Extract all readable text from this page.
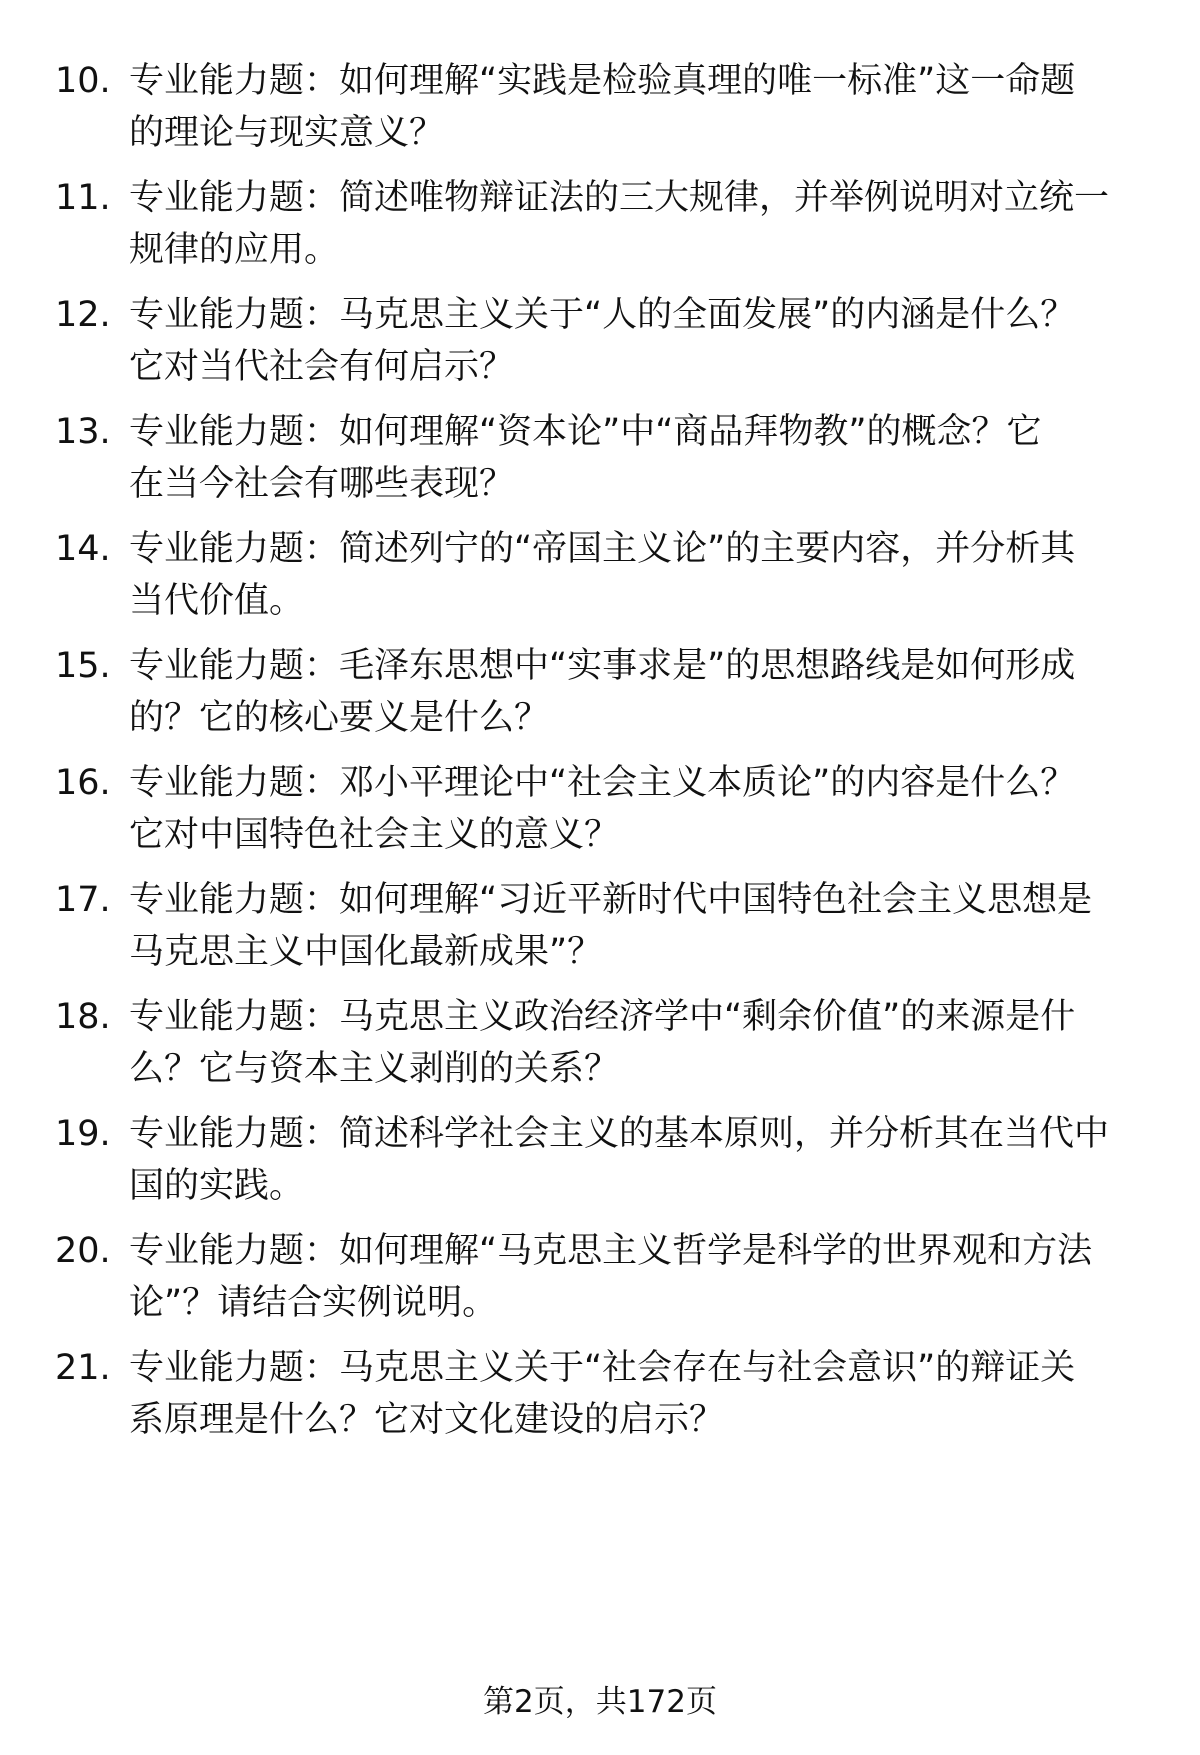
10. 专业能力题：如何理解“实践是检验真理的唯一标准”这一命题
的理论与现实意义？
11. 专业能力题：简述唯物辩证法的三大规律，并举例说明对立统一
规律的应用。
12. 专业能力题：马克思主义关于“人的全面发展”的内涵是什么？
它对当代社会有何启示？
13. 专业能力题：如何理解“资本论”中“商品拜物教”的概念？它
在当今社会有哪些表现？
14. 专业能力题：简述列宁的“帝国主义论”的主要内容，并分析其
当代价值。
15. 专业能力题：毛泽东思想中“实事求是”的思想路线是如何形成
的？它的核心要义是什么？
16. 专业能力题：邓小平理论中“社会主义本质论”的内容是什么？
它对中国特色社会主义的意义？
17. 专业能力题：如何理解“习近平新时代中国特色社会主义思想是
马克思主义中国化最新成果”？
18. 专业能力题：马克思主义政治经济学中“剩余价值”的来源是什
么？它与资本主义剥削的关系？
19. 专业能力题：简述科学社会主义的基本原则，并分析其在当代中
国的实践。
20. 专业能力题：如何理解“马克思主义哲学是科学的世界观和方法
论”？请结合实例说明。
21. 专业能力题：马克思主义关于“社会存在与社会意识”的辩证关
系原理是什么？它对文化建设的启示？
第2页，共172页
